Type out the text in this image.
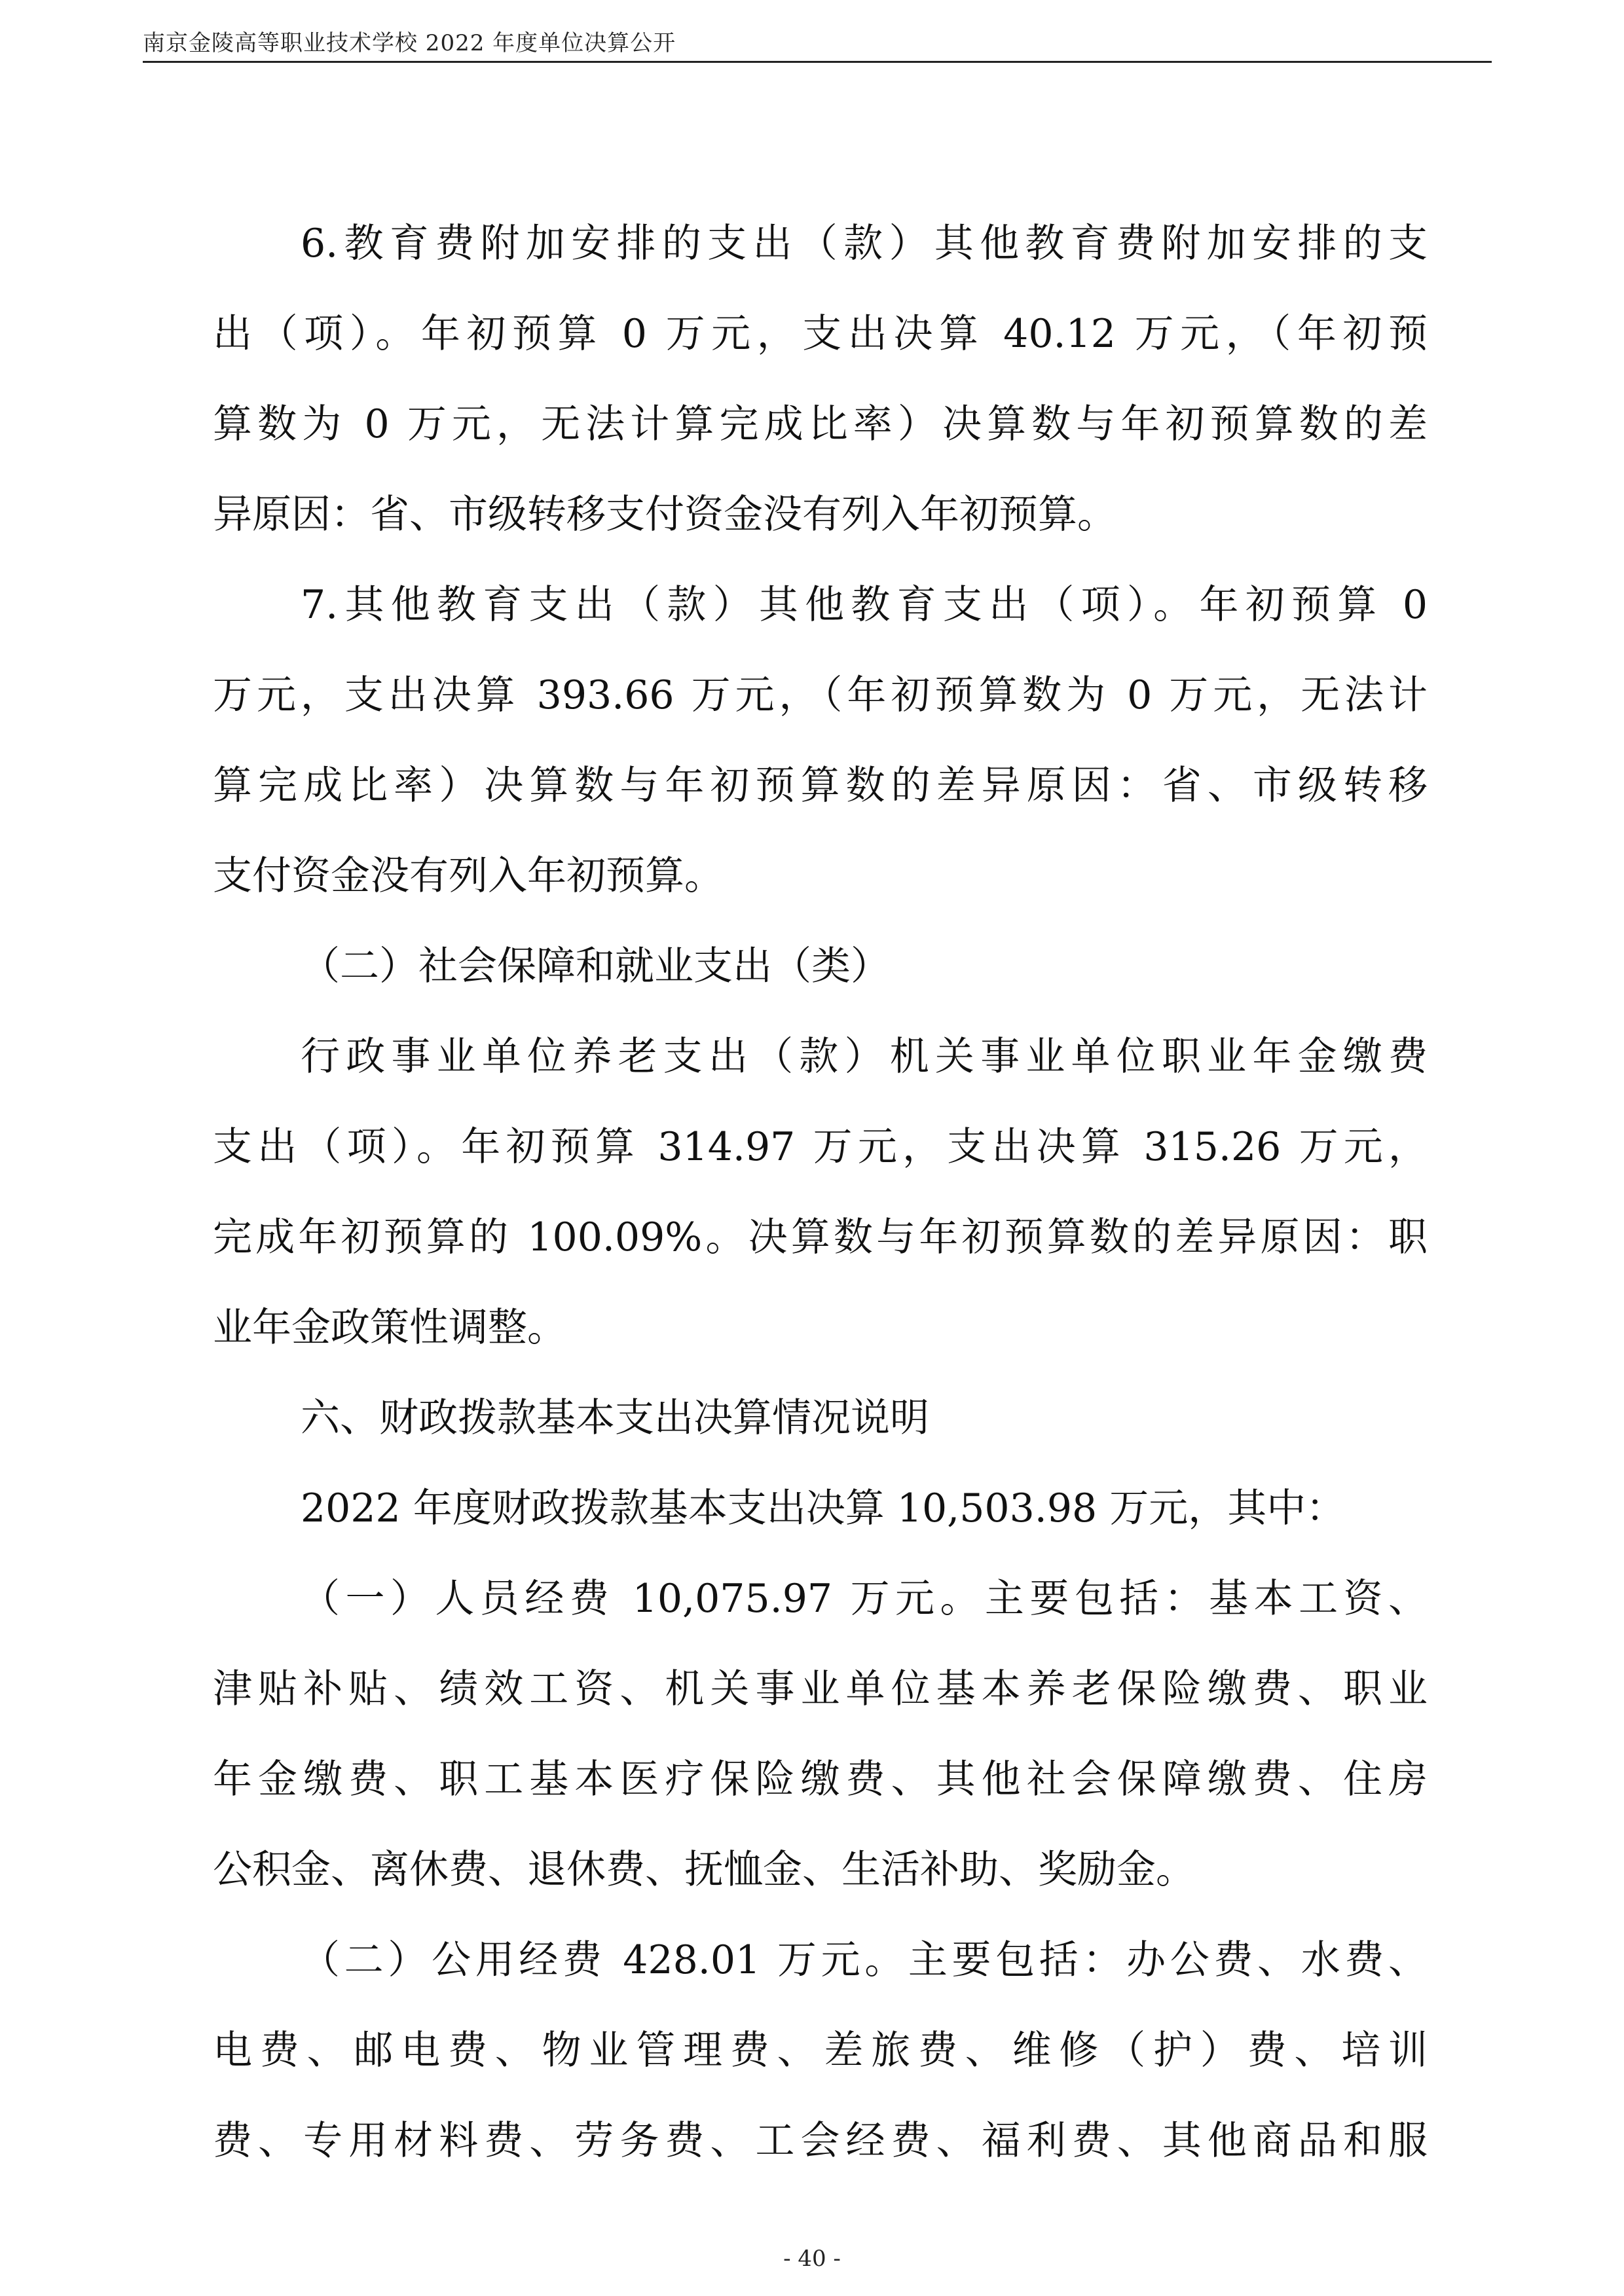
南京金陵高等职业技术学校 2022 年度单位决算公开
6.教育费附加安排的支出（款）其他教育费附加安排的支
出（项）。年初预算 0 万元，支出决算 40.12 万元，（年初预
算数为 0 万元，无法计算完成比率）决算数与年初预算数的差
异原因：省、市级转移支付资金没有列入年初预算。
7.其他教育支出（款）其他教育支出（项）。年初预算 0
万元，支出决算 393.66 万元，（年初预算数为 0 万元，无法计
算完成比率）决算数与年初预算数的差异原因：省、市级转移
支付资金没有列入年初预算。
（二）社会保障和就业支出（类）
行政事业单位养老支出（款）机关事业单位职业年金缴费
支出（项）。年初预算 314.97 万元，支出决算 315.26 万元，
完成年初预算的 100.09%。决算数与年初预算数的差异原因：职
业年金政策性调整。
六、财政拨款基本支出决算情况说明
2022 年度财政拨款基本支出决算 10,503.98 万元，其中：
（一）人员经费 10,075.97 万元。主要包括：基本工资、
津贴补贴、绩效工资、机关事业单位基本养老保险缴费、职业
年金缴费、职工基本医疗保险缴费、其他社会保障缴费、住房
公积金、离休费、退休费、抚恤金、生活补助、奖励金。
（二）公用经费 428.01 万元。主要包括：办公费、水费、
电费、邮电费、物业管理费、差旅费、维修（护）费、培训
费、专用材料费、劳务费、工会经费、福利费、其他商品和服
- 40 -
